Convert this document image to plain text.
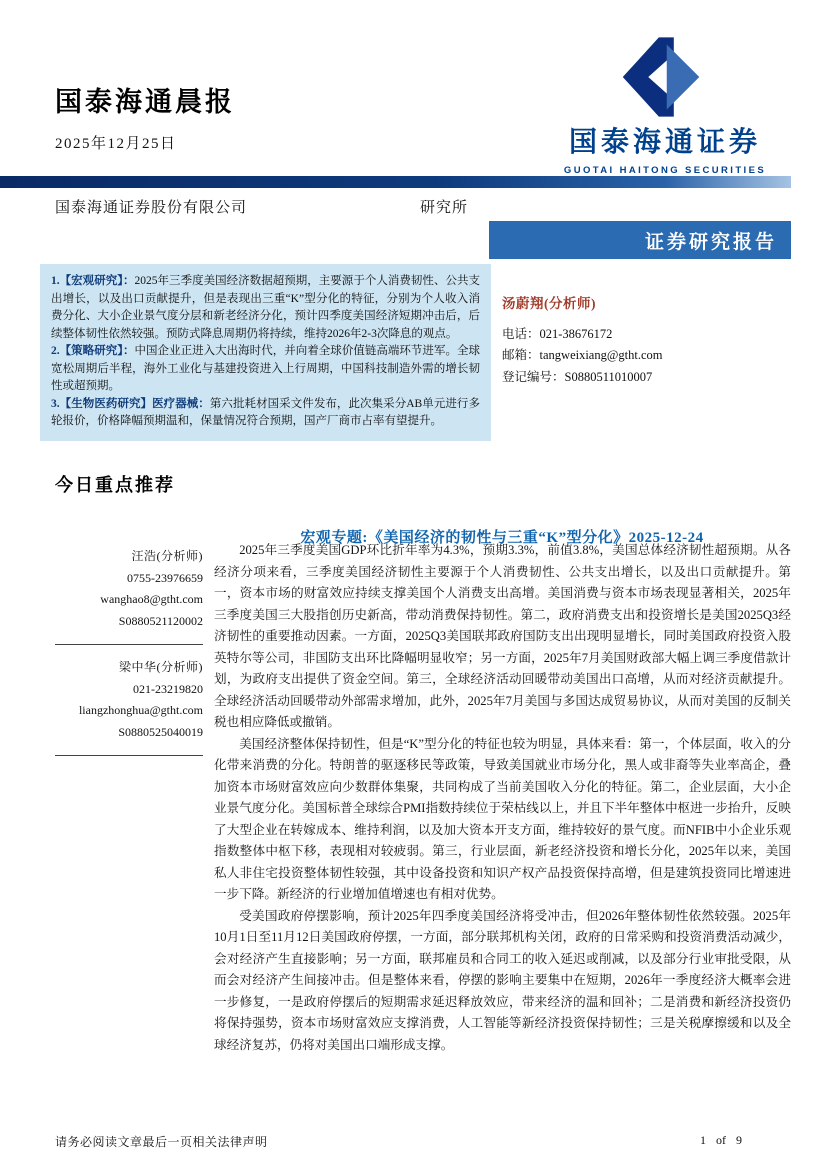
国泰海通晨报
2025年12月25日	国泰海通证券
GUOTAI HAITONG SECURITIES
国泰海通证券股份有限公司	研究所
证券研究报告

1.【宏观研究】：2025年三季度美国经济数据超预期，主要源于个人消费韧性、公共支出增长，以及出口贡献提升，但是表现出三重“K”型分化的特征，分别为个人收入消费分化、大小企业景气度分层和新老经济分化，预计四季度美国经济短期冲击后，后续整体韧性依然较强。预防式降息周期仍将持续，维持2026年2-3次降息的观点。

2.【策略研究】：中国企业正进入大出海时代，并向着全球价值链高端环节进军。全球宽松周期后半程，海外工业化与基建投资进入上行周期，中国科技制造外需的增长韧性或超预期。

3.【生物医药研究】医疗器械：第六批耗材国采文件发布，此次集采分AB单元进行多轮报价，价格降幅预期温和，保量情况符合预期，国产厂商市占率有望提升。

汤蔚翔(分析师)
电话：021-38676172
邮箱：tangweixiang@gtht.com
登记编号：S0880511010007
今日重点推荐
宏观专题:《美国经济的韧性与三重“K”型分化》2025-12-24
汪浩(分析师)
0755-23976659
wanghao8@gtht.com
S0880521120002
梁中华(分析师)
021-23219820
liangzhonghua@gtht.com
S0880525040019

2025年三季度美国GDP环比折年率为4.3%，预期3.3%，前值3.8%，美国总体经济韧性超预期。从各经济分项来看，三季度美国经济韧性主要源于个人消费韧性、公共支出增长，以及出口贡献提升。第一，资本市场的财富效应持续支撑美国个人消费支出高增。美国消费与资本市场表现显著相关，2025年三季度美国三大股指创历史新高，带动消费保持韧性。第二，政府消费支出和投资增长是美国2025Q3经济韧性的重要推动因素。一方面，2025Q3美国联邦政府国防支出出现明显增长，同时美国政府投资入股英特尔等公司，非国防支出环比降幅明显收窄；另一方面，2025年7月美国财政部大幅上调三季度借款计划，为政府支出提供了资金空间。第三，全球经济活动回暖带动美国出口高增，从而对经济贡献提升。全球经济活动回暖带动外部需求增加，此外，2025年7月美国与多国达成贸易协议，从而对美国的反制关税也相应降低或撤销。

美国经济整体保持韧性，但是“K”型分化的特征也较为明显，具体来看：第一，个体层面，收入的分化带来消费的分化。特朗普的驱逐移民等政策，导致美国就业市场分化，黑人或非裔等失业率高企，叠加资本市场财富效应向少数群体集聚，共同构成了当前美国收入分化的特征。第二，企业层面，大小企业景气度分化。美国标普全球综合PMI指数持续位于荣枯线以上，并且下半年整体中枢进一步抬升，反映了大型企业在转嫁成本、维持利润，以及加大资本开支方面，维持较好的景气度。而NFIB中小企业乐观指数整体中枢下移，表现相对较疲弱。第三，行业层面，新老经济投资和增长分化，2025年以来，美国私人非住宅投资整体韧性较强，其中设备投资和知识产权产品投资保持高增，但是建筑投资同比增速进一步下降。新经济的行业增加值增速也有相对优势。

受美国政府停摆影响，预计2025年四季度美国经济将受冲击，但2026年整体韧性依然较强。2025年10月1日至11月12日美国政府停摆，一方面，部分联邦机构关闭，政府的日常采购和投资消费活动减少，会对经济产生直接影响；另一方面，联邦雇员和合同工的收入延迟或削减，以及部分行业审批受限，从而会对经济产生间接冲击。但是整体来看，停摆的影响主要集中在短期，2026年一季度经济大概率会进一步修复，一是政府停摆后的短期需求延迟释放效应，带来经济的温和回补；二是消费和新经济投资仍将保持强势，资本市场财富效应支撑消费，人工智能等新经济投资保持韧性；三是关税摩擦缓和以及全球经济复苏，仍将对美国出口端形成支撑。

请务必阅读文章最后一页相关法律声明	1 of 9
